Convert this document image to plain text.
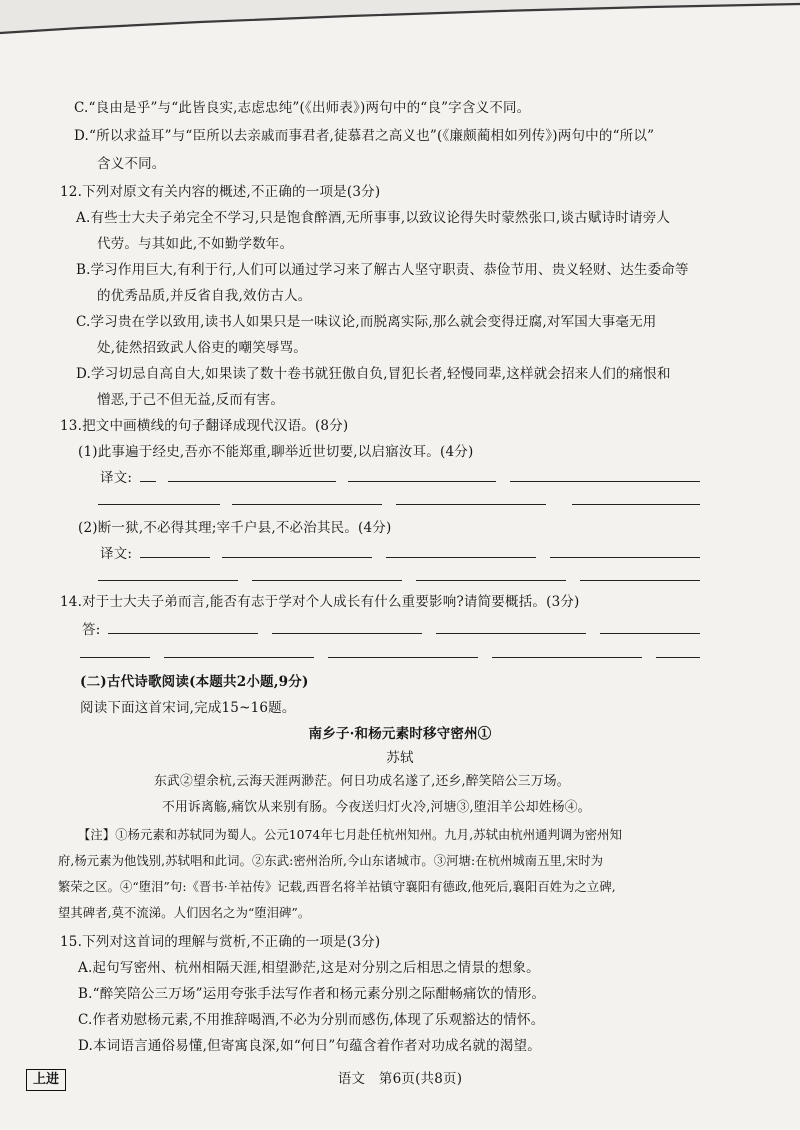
C.“良由是乎”与“此皆良实,志虑忠纯”(《出师表》)两句中的“良”字含义不同。
D.“所以求益耳”与“臣所以去亲戚而事君者,徒慕君之高义也”(《廉颇蔺相如列传》)两句中的“所以”
含义不同。
12.下列对原文有关内容的概述,不正确的一项是(3分)
A.有些士大夫子弟完全不学习,只是饱食醉酒,无所事事,以致议论得失时蒙然张口,谈古赋诗时请旁人
代劳。与其如此,不如勤学数年。
B.学习作用巨大,有利于行,人们可以通过学习来了解古人坚守职责、恭俭节用、贵义轻财、达生委命等
的优秀品质,并反省自我,效仿古人。
C.学习贵在学以致用,读书人如果只是一味议论,而脱离实际,那么就会变得迂腐,对军国大事毫无用
处,徒然招致武人俗吏的嘲笑辱骂。
D.学习切忌自高自大,如果读了数十卷书就狂傲自负,冒犯长者,轻慢同辈,这样就会招来人们的痛恨和
憎恶,于己不但无益,反而有害。
13.把文中画横线的句子翻译成现代汉语。(8分)
(1)此事遍于经史,吾亦不能郑重,聊举近世切要,以启寤汝耳。(4分)
译文:
(2)断一狱,不必得其理;宰千户县,不必治其民。(4分)
译文:
14.对于士大夫子弟而言,能否有志于学对个人成长有什么重要影响?请简要概括。(3分)
答:
(二)古代诗歌阅读(本题共2小题,9分)
阅读下面这首宋词,完成15~16题。
南乡子·和杨元素时移守密州①
苏轼
东武②望余杭,云海天涯两渺茫。何日功成名遂了,还乡,醉笑陪公三万场。
不用诉离觞,痛饮从来别有肠。今夜送归灯火冷,河塘③,堕泪羊公却姓杨④。
【注】①杨元素和苏轼同为蜀人。公元1074年七月赴任杭州知州。九月,苏轼由杭州通判调为密州知
府,杨元素为他饯别,苏轼唱和此词。②东武:密州治所,今山东诸城市。③河塘:在杭州城南五里,宋时为
繁荣之区。④“堕泪”句:《晋书·羊祜传》记载,西晋名将羊祜镇守襄阳有德政,他死后,襄阳百姓为之立碑,
望其碑者,莫不流涕。人们因名之为“堕泪碑”。
15.下列对这首词的理解与赏析,不正确的一项是(3分)
A.起句写密州、杭州相隔天涯,相望渺茫,这是对分别之后相思之情景的想象。
B.“醉笑陪公三万场”运用夸张手法写作者和杨元素分别之际酣畅痛饮的情形。
C.作者劝慰杨元素,不用推辞喝酒,不必为分别而感伤,体现了乐观豁达的情怀。
D.本词语言通俗易懂,但寄寓良深,如“何日”句蕴含着作者对功成名就的渴望。
上进	语文　第6页(共8页)
